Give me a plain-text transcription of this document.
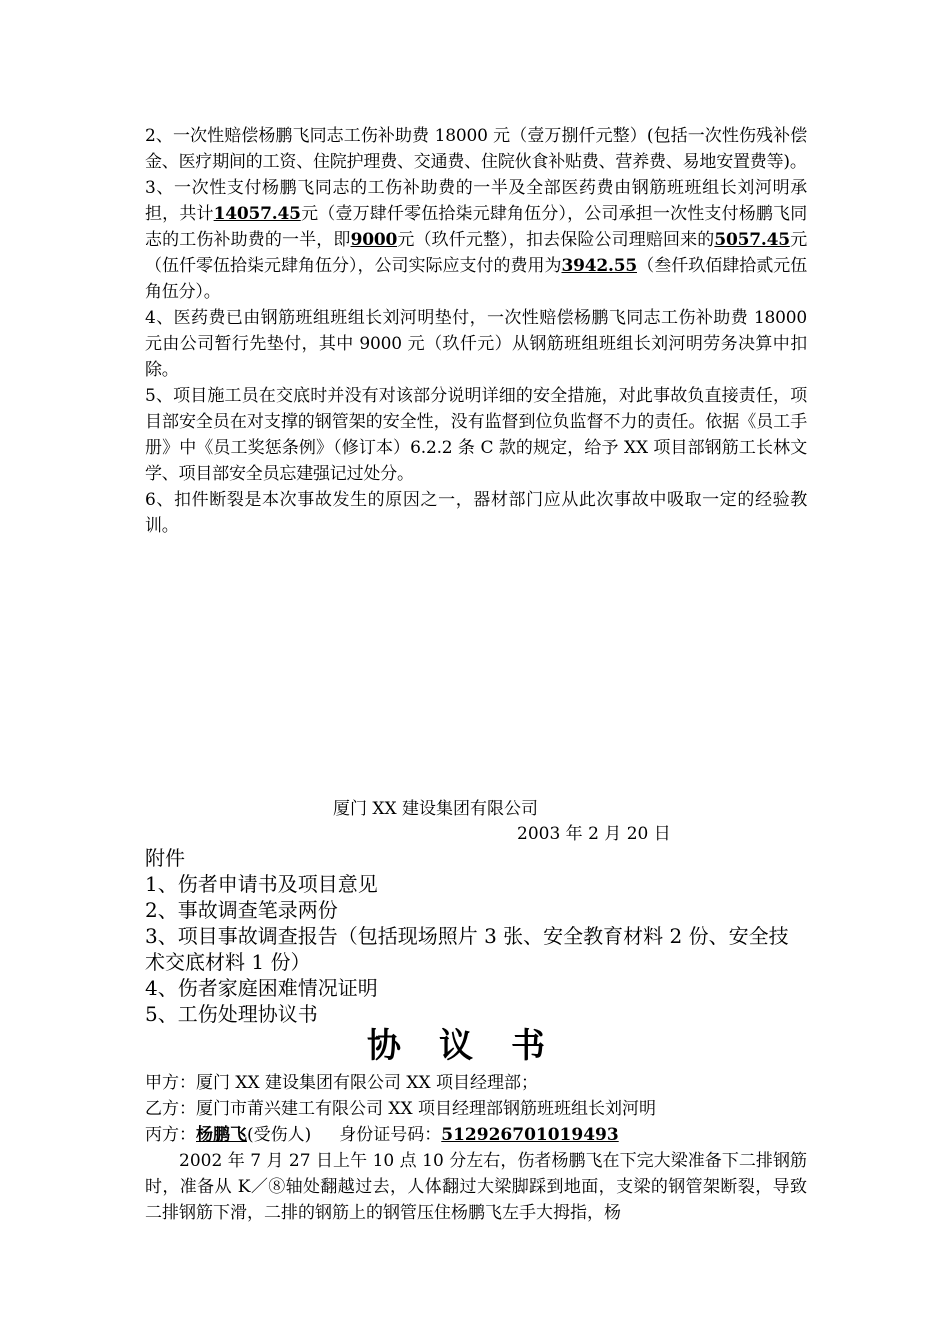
2、一次性赔偿杨鹏飞同志工伤补助费 18000 元（壹万捌仟元整）(包括一次性伤残补偿金、医疗期间的工资、住院护理费、交通费、住院伙食补贴费、营养费、易地安置费等)。

3、一次性支付杨鹏飞同志的工伤补助费的一半及全部医药费由钢筋班班组长刘河明承担，共计14057.45元（壹万肆仟零伍拾柒元肆角伍分），公司承担一次性支付杨鹏飞同志的工伤补助费的一半，即9000元（玖仟元整），扣去保险公司理赔回来的5057.45元（伍仟零伍拾柒元肆角伍分），公司实际应支付的费用为3942.55（叁仟玖佰肆拾贰元伍角伍分）。

4、医药费已由钢筋班组班组长刘河明垫付，一次性赔偿杨鹏飞同志工伤补助费 18000 元由公司暂行先垫付，其中 9000 元（玖仟元）从钢筋班组班组长刘河明劳务决算中扣除。

5、项目施工员在交底时并没有对该部分说明详细的安全措施，对此事故负直接责任，项目部安全员在对支撑的钢管架的安全性，没有监督到位负监督不力的责任。依据《员工手册》中《员工奖惩条例》（修订本）6.2.2 条 C 款的规定，给予 XX 项目部钢筋工长林文学、项目部安全员忘建强记过处分。

6、扣件断裂是本次事故发生的原因之一，器材部门应从此次事故中吸取一定的经验教训。

厦门 XX 建设集团有限公司
2003 年 2 月 20 日
附件
1、伤者申请书及项目意见
2、事故调查笔录两份
3、项目事故调查报告（包括现场照片 3 张、安全教育材料 2 份、安全技术交底材料 1 份）
4、伤者家庭困难情况证明
5、工伤处理协议书
协议书

甲方：厦门 XX 建设集团有限公司 XX 项目经理部；

乙方：厦门市莆兴建工有限公司 XX 项目经理部钢筋班班组长刘河明

丙方：杨鹏飞(受伤人) 身份证号码：512926701019493

2002 年 7 月 27 日上午 10 点 10 分左右，伤者杨鹏飞在下完大梁准备下二排钢筋时，准备从 K／⑧轴处翻越过去，人体翻过大梁脚踩到地面，支梁的钢管架断裂，导致二排钢筋下滑，二排的钢筋上的钢管压住杨鹏飞左手大拇指，杨
